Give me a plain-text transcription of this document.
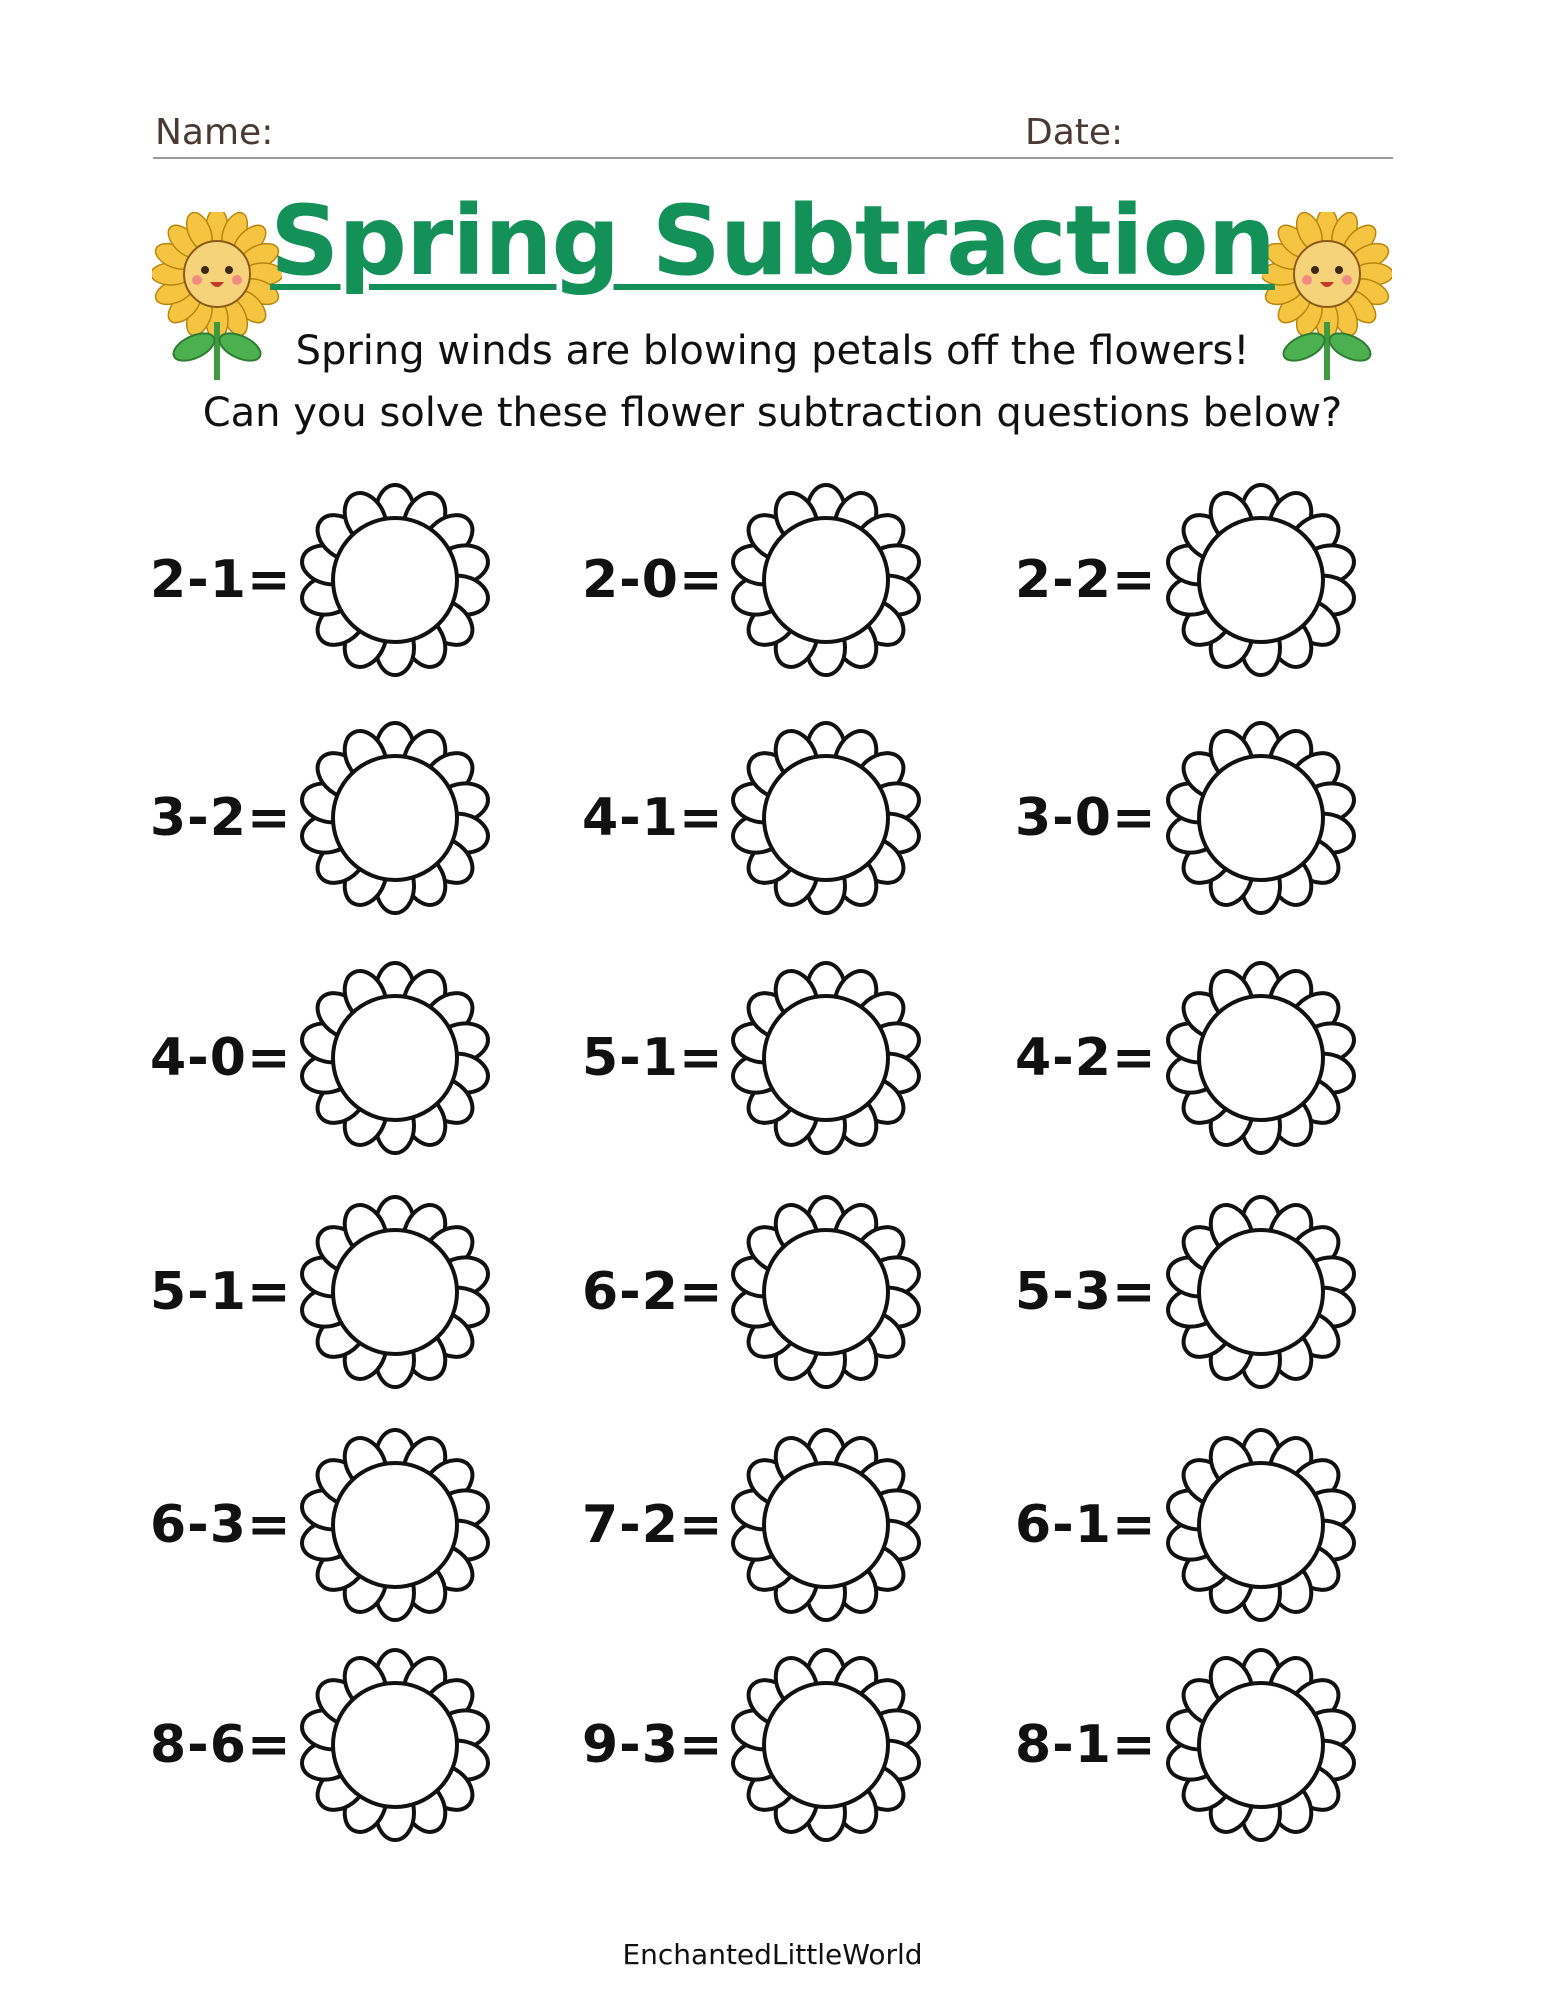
Name:	Date:
Spring Subtraction
Spring winds are blowing petals off the flowers!
Can you solve these flower subtraction questions below?
2-1=	2-0=	2-2=
3-2=	4-1=	3-0=
4-0=	5-1=	4-2=
5-1=	6-2=	5-3=
6-3=	7-2=	6-1=
8-6=	9-3=	8-1=
EnchantedLittleWorld
